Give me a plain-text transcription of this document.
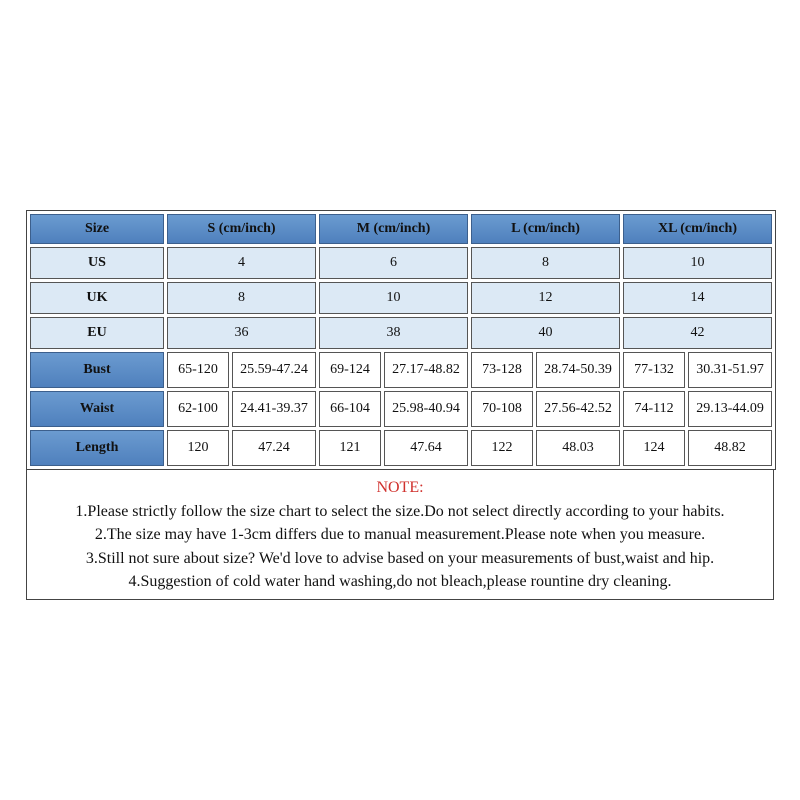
Size	S (cm/inch)		M (cm/inch)		L (cm/inch)		XL (cm/inch)	
US	4		6		8		10	
UK	8		10		12		14	
EU	36		38		40		42	
Bust	65-120	25.59-47.24	69-124	27.17-48.82	73-128	28.74-50.39	77-132	30.31-51.97
Waist	62-100	24.41-39.37	66-104	25.98-40.94	70-108	27.56-42.52	74-112	29.13-44.09
Length	120	47.24	121	47.64	122	48.03	124	48.82

NOTE:

1.Please strictly follow the size chart to select the size.Do not select directly according to your habits.

2.The size may have 1-3cm differs due to manual measurement.Please note when you measure.

3.Still not sure about size? We'd love to advise based on your measurements of bust,waist and hip.

4.Suggestion of cold water hand washing,do not bleach,please rountine dry cleaning.
